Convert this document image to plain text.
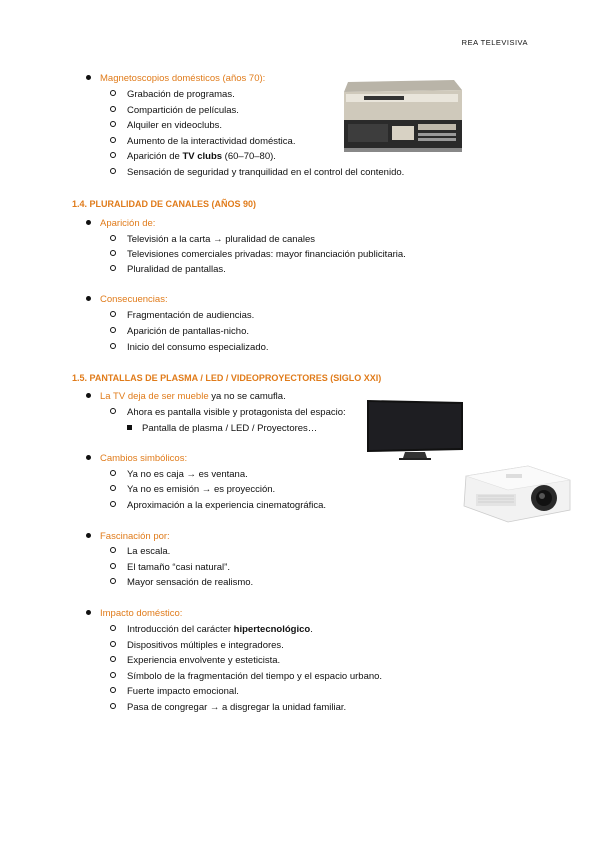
REA TELEVISIVA
Magnetoscopios domésticos (años 70):
Grabación de programas.
Compartición de películas.
Alquiler en videoclubs.
Aumento de la interactividad doméstica.
Aparición de TV clubs (60–70–80).
Sensación de seguridad y tranquilidad en el control del contenido.
1.4. PLURALIDAD DE CANALES (AÑOS 90)
Aparición de:
Televisión a la carta → pluralidad de canales
Televisiones comerciales privadas: mayor financiación publicitaria.
Pluralidad de pantallas.
Consecuencias:
Fragmentación de audiencias.
Aparición de pantallas-nicho.
Inicio del consumo especializado.
1.5. PANTALLAS DE PLASMA / LED / VIDEOPROYECTORES (SIGLO XXI)
La TV deja de ser mueble ya no se camufla.
Ahora es pantalla visible y protagonista del espacio:
Pantalla de plasma / LED / Proyectores…
Cambios simbólicos:
Ya no es caja → es ventana.
Ya no es emisión → es proyección.
Aproximación a la experiencia cinematográfica.
Fascinación por:
La escala.
El tamaño “casi natural”.
Mayor sensación de realismo.
Impacto doméstico:
Introducción del carácter hipertecnológico.
Dispositivos múltiples e integradores.
Experiencia envolvente y esteticista.
Símbolo de la fragmentación del tiempo y el espacio urbano.
Fuerte impacto emocional.
Pasa de congregar → a disgregar la unidad familiar.
